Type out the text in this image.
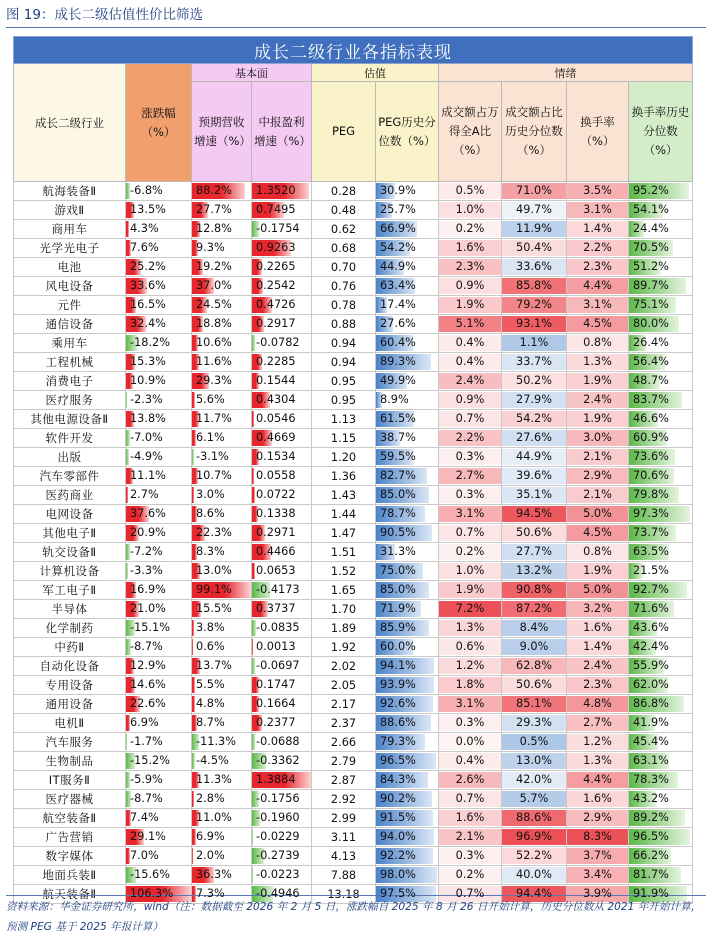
图 19：成长二级估值性价比筛选
成长二级行业各指标表现									
成长二级行业	涨跌幅（%）	基本面		估值		情绪			
		预期营收增速（%）	中报盈利增速（%）	PEG	PEG历史分位数（%）	成交额占万得全A比（%）	成交额占比历史分位数（%）	换手率（%）	换手率历史分位数（%）
航海装备Ⅱ	-6.8%	88.2%	1.3520	0.28	30.9%	0.5%	71.0%	3.5%	95.2%

游戏Ⅱ	13.5%	27.7%	0.7495	0.48	25.7%	1.0%	49.7%	3.1%	54.1%

商用车	4.3%	12.8%	-0.1754	0.62	66.9%	0.2%	11.9%	1.4%	24.4%

光学光电子	7.6%	9.3%	0.9263	0.68	54.2%	1.6%	50.4%	2.2%	70.5%

电池	25.2%	19.2%	0.2265	0.70	44.9%	2.3%	33.6%	2.3%	51.2%

风电设备	33.6%	37.0%	0.2542	0.76	63.4%	0.9%	85.8%	4.4%	89.7%

元件	16.5%	24.5%	0.4726	0.78	17.4%	1.9%	79.2%	3.1%	75.1%

通信设备	32.4%	18.8%	0.2917	0.88	27.6%	5.1%	93.1%	4.5%	80.0%

乘用车	-18.2%	10.6%	-0.0782	0.94	60.4%	0.4%	1.1%	0.8%	26.4%

工程机械	15.3%	11.6%	0.2285	0.94	89.3%	0.4%	33.7%	1.3%	56.4%

消费电子	10.9%	29.3%	0.1544	0.95	49.9%	2.4%	50.2%	1.9%	48.7%

医疗服务	-2.3%	5.6%	0.4304	0.95	8.9%	0.9%	27.9%	2.4%	83.7%

其他电源设备Ⅱ	13.8%	11.7%	0.0546	1.13	61.5%	0.7%	54.2%	1.9%	46.6%

软件开发	-7.0%	6.1%	0.4669	1.15	38.7%	2.2%	27.6%	3.0%	60.9%

出版	-4.9%	-3.1%	0.1534	1.20	59.5%	0.3%	44.9%	2.1%	73.6%

汽车零部件	11.1%	10.7%	0.0558	1.36	82.7%	2.7%	39.6%	2.9%	70.6%

医药商业	2.7%	3.0%	0.0722	1.43	85.0%	0.3%	35.1%	2.1%	79.8%

电网设备	37.6%	8.6%	0.1338	1.44	78.7%	3.1%	94.5%	5.0%	97.3%

其他电子Ⅱ	20.9%	22.3%	0.2971	1.47	90.5%	0.7%	50.6%	4.5%	73.7%

轨交设备Ⅱ	-7.2%	8.3%	0.4466	1.51	31.3%	0.2%	27.7%	0.8%	63.5%

计算机设备	-3.3%	13.0%	0.0653	1.52	75.0%	1.0%	13.2%	1.9%	21.5%

军工电子Ⅱ	16.9%	99.1%	-0.4173	1.65	85.0%	1.9%	90.8%	5.0%	92.7%

半导体	21.0%	15.5%	0.3737	1.70	71.9%	7.2%	87.2%	3.2%	71.6%

化学制药	-15.1%	3.8%	-0.0835	1.89	85.9%	1.3%	8.4%	1.6%	43.6%

中药Ⅱ	-8.7%	0.6%	0.0013	1.92	60.0%	0.6%	9.0%	1.4%	42.4%

自动化设备	12.9%	13.7%	-0.0697	2.02	94.1%	1.2%	62.8%	2.4%	55.9%

专用设备	14.6%	5.5%	0.1747	2.05	93.9%	1.8%	50.6%	2.3%	62.0%

通用设备	22.6%	4.8%	0.1664	2.17	92.6%	3.1%	85.1%	4.8%	86.8%

电机Ⅱ	6.9%	8.7%	0.2377	2.37	88.6%	0.3%	29.3%	2.7%	41.9%

汽车服务	-1.7%	-11.3%	-0.0688	2.66	79.3%	0.0%	0.5%	1.2%	45.4%

生物制品	-15.2%	-4.5%	-0.3362	2.79	96.5%	0.4%	13.0%	1.3%	63.1%

IT服务Ⅱ	-5.9%	11.3%	1.3884	2.87	84.3%	2.6%	42.0%	4.4%	78.3%

医疗器械	-8.7%	2.8%	-0.1756	2.92	90.2%	0.7%	5.7%	1.6%	43.2%

航空装备Ⅱ	7.4%	11.0%	-0.1960	2.99	91.5%	1.6%	88.6%	2.9%	89.2%

广告营销	29.1%	6.9%	-0.0229	3.11	94.0%	2.1%	96.9%	8.3%	96.5%

数字媒体	7.0%	2.0%	-0.2739	4.13	92.2%	0.3%	52.2%	3.7%	66.2%

地面兵装Ⅱ	-15.6%	36.3%	-0.0223	7.88	98.0%	0.2%	40.0%	3.4%	81.7%

航天装备Ⅱ	106.3%	7.3%	-0.4946	13.18	97.5%	0.7%	94.4%	3.9%	91.9%
资料来源：华金证券研究所，wind（注：数据截至 2026 年 2 月 5 日，涨跌幅自 2025 年 8 月 26 日开始计算，历史分位数从 2021 年开始计算，预测 PEG 基于 2025 年报计算）
